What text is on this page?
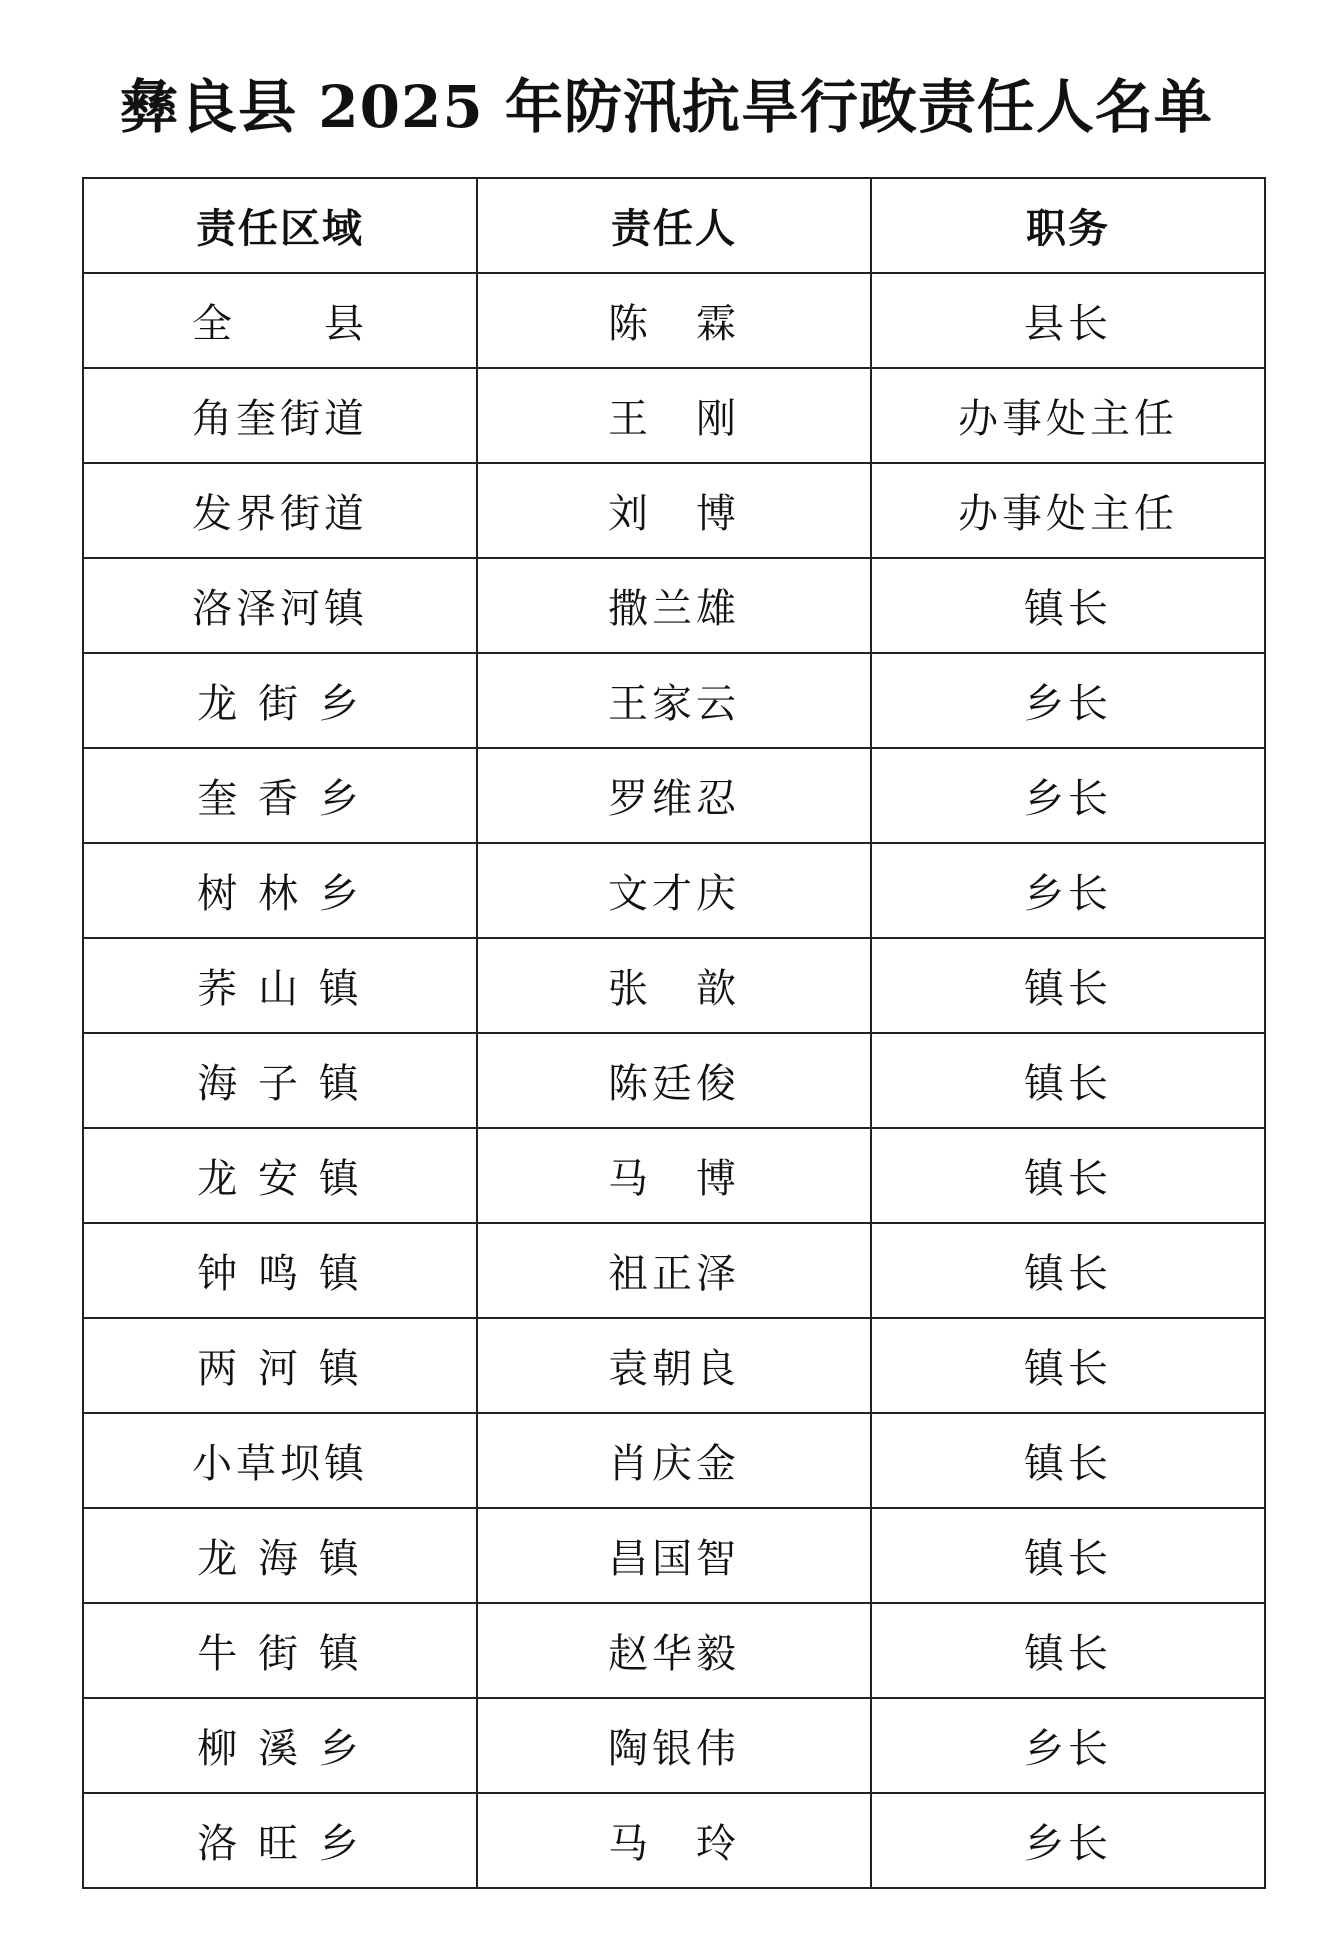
彝良县 2025 年防汛抗旱行政责任人名单
责任区域	责任人	职务
全　　县	陈　霖	县长
角奎街道	王　刚	办事处主任
发界街道	刘　博	办事处主任
洛泽河镇	撒兰雄	镇长
龙 街 乡	王家云	乡长
奎 香 乡	罗维忍	乡长
树 林 乡	文才庆	乡长
荞 山 镇	张　歆	镇长
海 子 镇	陈廷俊	镇长
龙 安 镇	马　博	镇长
钟 鸣 镇	祖正泽	镇长
两 河 镇	袁朝良	镇长
小草坝镇	肖庆金	镇长
龙 海 镇	昌国智	镇长
牛 街 镇	赵华毅	镇长
柳 溪 乡	陶银伟	乡长
洛 旺 乡	马　玲	乡长
